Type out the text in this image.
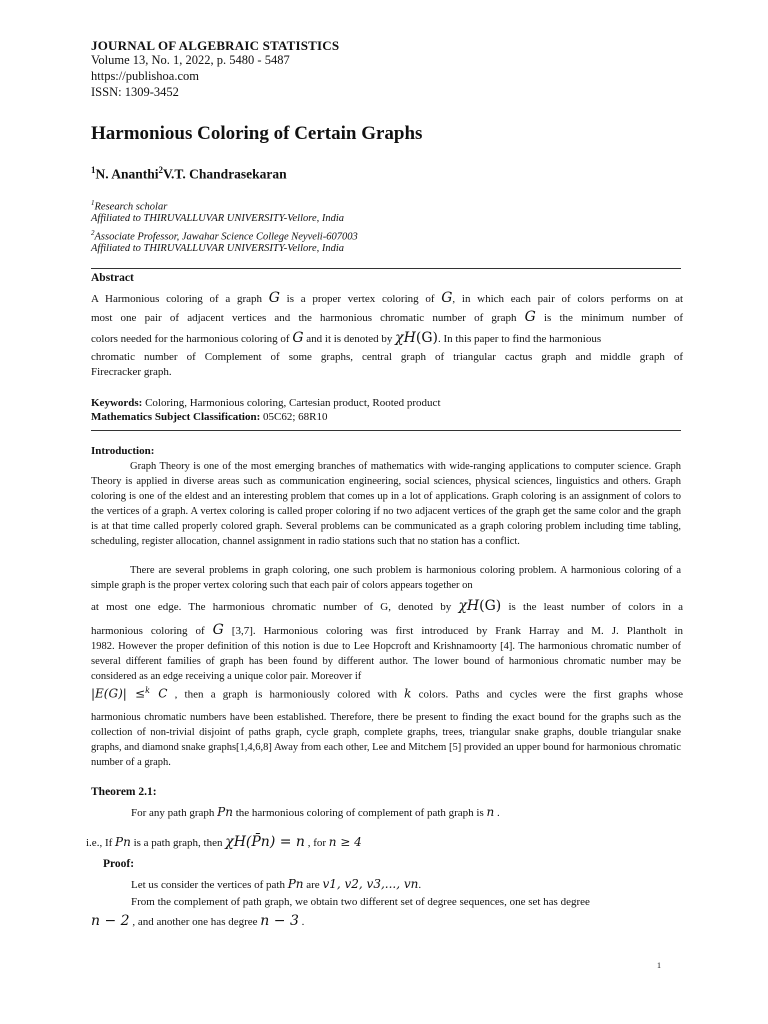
JOURNAL OF ALGEBRAIC STATISTICS
Volume 13, No. 1, 2022, p. 5480 - 5487
https://publishoa.com
ISSN: 1309-3452
Harmonious Coloring of Certain Graphs
$^1$N. Ananthi$^2$V.T. Chandrasekaran
$^1$Research scholar
Affiliated to THIRUVALLUVAR UNIVERSITY-Vellore, India
$^2$Associate Professor, Jawahar Science College Neyveli-607003
Affiliated to THIRUVALLUVAR UNIVERSITY-Vellore, India
Abstract
A Harmonious coloring of a graph G is a proper vertex coloring of G, in which each pair of colors performs on at
most one pair of adjacent vertices and the harmonious chromatic number of graph G is the minimum number of
colors needed for the harmonious coloring of G and it is denoted by χH(G). In this paper to find the harmonious
chromatic number of Complement of some graphs, central graph of triangular cactus graph and middle graph of
Firecracker graph.
Keywords: Coloring, Harmonious coloring, Cartesian product, Rooted product
Mathematics Subject Classification: 05C62; 68R10
Introduction:
Graph Theory is one of the most emerging branches of mathematics with wide-ranging applications to computer science. Graph Theory is applied in diverse areas such as communication engineering, social sciences, physical sciences, linguistics and others. Graph coloring is one of the eldest and an interesting problem that comes up in a lot of applications. Graph coloring is an assignment of colors to the vertices of a graph. A vertex coloring is called proper coloring if no two adjacent vertices of the graph get the same color and the graph is at that time called properly colored graph. Several problems can be communicated as a graph coloring problem including time tabling, scheduling, register allocation, channel assignment in radio stations such that no station has a conflict.
There are several problems in graph coloring, one such problem is harmonious coloring problem. A harmonious coloring of a simple graph is the proper vertex coloring such that each pair of colors appears together on
at most one edge. The harmonious chromatic number of G, denoted by χH(G) is the least number of colors in a
harmonious coloring of G [3,7]. Harmonious coloring was first introduced by Frank Harray and M. J. Plantholt in
1982. However the proper definition of this notion is due to Lee Hopcroft and Krishnamoorty [4]. The harmonious chromatic number of several different families of graph has been found by different author. The lower bound of harmonious chromatic number may be considered as an edge receiving a unique color pair. Moreover if
|E(G)| ≤$^k$ C , then a graph is harmoniously colored with k colors. Paths and cycles were the first graphs whose
harmonious chromatic numbers have been established. Therefore, there be present to finding the exact bound for the graphs such as the collection of non-trivial disjoint of paths graph, cycle graph, complete graphs, trees, triangular snake graphs, double triangular snake graphs, and diamond snake graphs[1,4,6,8] Away from each other, Lee and Mitchem [5] provided an upper bound for harmonious chromatic number of a graph.
Theorem 2.1:
For any path graph Pn the harmonious coloring of complement of path graph is n .
i.e., If Pn is a path graph, then χH(P̄n) = n , for n ≥ 4
Proof:
Let us consider the vertices of path Pn are v1, v2, v3,..., vn.
From the complement of path graph, we obtain two different set of degree sequences, one set has degree
n − 2 , and another one has degree n − 3 .
1
